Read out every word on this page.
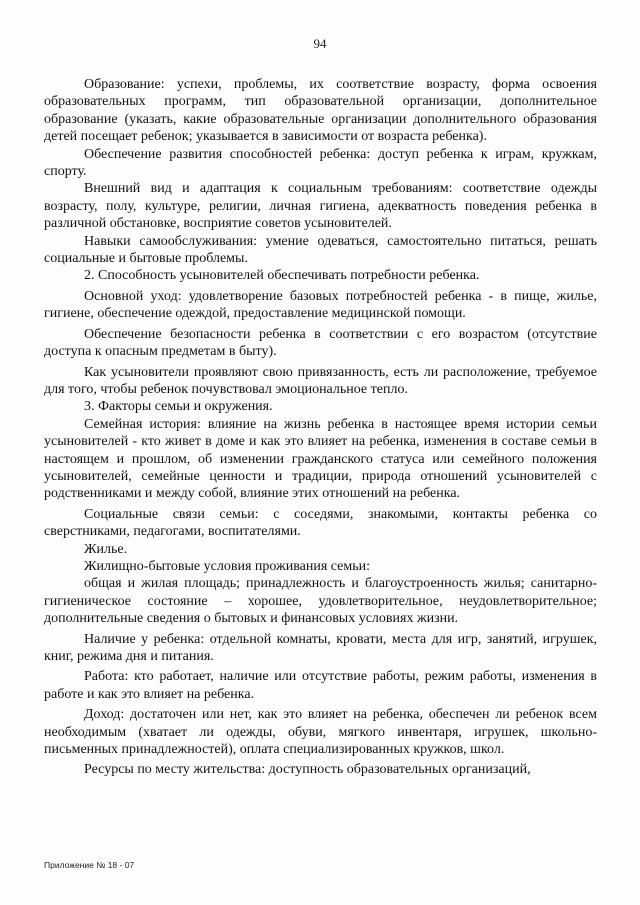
94

Образование: успехи, проблемы, их соответствие возрасту, форма освоения образовательных программ, тип образовательной организации, дополнительное образование (указать, какие образовательные организации дополнительного образования детей посещает ребенок; указывается в зависимости от возраста ребенка).

Обеспечение развития способностей ребенка: доступ ребенка к играм, кружкам, спорту.

Внешний вид и адаптация к социальным требованиям: соответствие одежды возрасту, полу, культуре, религии, личная гигиена, адекватность поведения ребенка в различной обстановке, восприятие советов усыновителей.

Навыки самообслуживания: умение одеваться, самостоятельно питаться, решать социальные и бытовые проблемы.

2. Способность усыновителей обеспечивать потребности ребенка.

Основной уход: удовлетворение базовых потребностей ребенка - в пище, жилье, гигиене, обеспечение одеждой, предоставление медицинской помощи.

Обеспечение безопасности ребенка в соответствии с его возрастом (отсутствие доступа к опасным предметам в быту).

Как усыновители проявляют свою привязанность, есть ли расположение, требуемое для того, чтобы ребенок почувствовал эмоциональное тепло.

3. Факторы семьи и окружения.

Семейная история: влияние на жизнь ребенка в настоящее время истории семьи усыновителей - кто живет в доме и как это влияет на ребенка, изменения в составе семьи в настоящем и прошлом, об изменении гражданского статуса или семейного положения усыновителей, семейные ценности и традиции, природа отношений усыновителей с родственниками и между собой, влияние этих отношений на ребенка.

Социальные связи семьи: с соседями, знакомыми, контакты ребенка со сверстниками, педагогами, воспитателями.

Жилье.

Жилищно-бытовые условия проживания семьи:

общая и жилая площадь; принадлежность и благоустроенность жилья; санитарно-гигиеническое состояние – хорошее, удовлетворительное, неудовлетворительное; дополнительные сведения о бытовых и финансовых условиях жизни.

Наличие у ребенка: отдельной комнаты, кровати, места для игр, занятий, игрушек, книг, режима дня и питания.

Работа: кто работает, наличие или отсутствие работы, режим работы, изменения в работе и как это влияет на ребенка.

Доход: достаточен или нет, как это влияет на ребенка, обеспечен ли ребенок всем необходимым (хватает ли одежды, обуви, мягкого инвентаря, игрушек, школьно-письменных принадлежностей), оплата специализированных кружков, школ.

Ресурсы по месту жительства: доступность образовательных организаций,

Приложение № 18 - 07
